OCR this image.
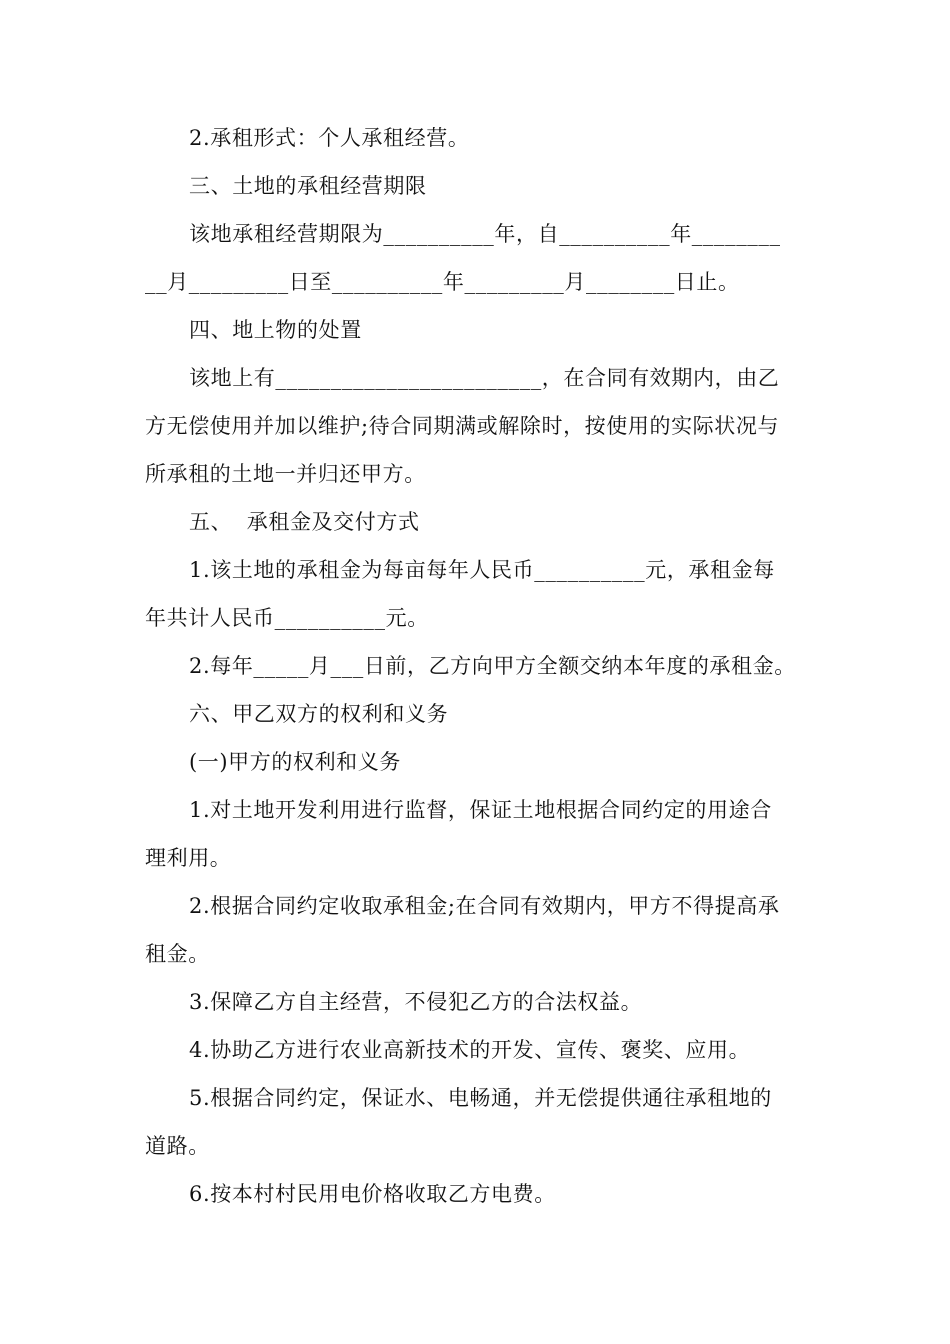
2.承租形式：个人承租经营。
三、土地的承租经营期限
该地承租经营期限为__________年，自__________年________
__月_________日至__________年_________月________日止。
四、地上物的处置
该地上有________________________，在合同有效期内，由乙
方无偿使用并加以维护;待合同期满或解除时，按使用的实际状况与
所承租的土地一并归还甲方。
五、  承租金及交付方式
1.该土地的承租金为每亩每年人民币__________元，承租金每
年共计人民币__________元。
2.每年_____月___日前，乙方向甲方全额交纳本年度的承租金。
六、甲乙双方的权利和义务
(一)甲方的权利和义务
1.对土地开发利用进行监督，保证土地根据合同约定的用途合
理利用。
2.根据合同约定收取承租金;在合同有效期内，甲方不得提高承
租金。
3.保障乙方自主经营，不侵犯乙方的合法权益。
4.协助乙方进行农业高新技术的开发、宣传、褒奖、应用。
5.根据合同约定，保证水、电畅通，并无偿提供通往承租地的
道路。
6.按本村村民用电价格收取乙方电费。
